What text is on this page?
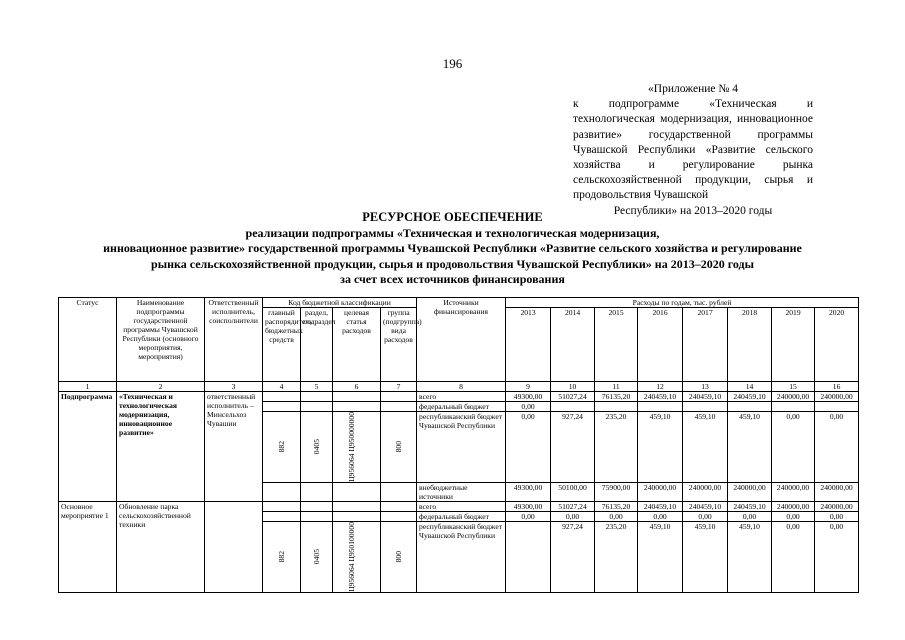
196
«Приложение № 4
к подпрограмме «Техническая и технологическая модернизация, инновационное развитие» государственной программы Чувашской Республики «Развитие сельского хозяйства и регулирование рынка сельскохозяйственной продукции, сырья и продовольствия Чувашской
Республики» на 2013–2020 годы
РЕСУРСНОЕ ОБЕСПЕЧЕНИЕ
реализации подпрограммы «Техническая и технологическая модернизация,
инновационное развитие» государственной программы Чувашской Республики «Развитие сельского хозяйства и регулирование
рынка сельскохозяйственной продукции, сырья и продовольствия Чувашской Республики» на 2013–2020 годы
за счет всех источников финансирования
Статус	Наименование подпрограммы государственной программы Чувашской Республики (основного мероприятия, мероприятия)	Ответственный исполнитель, соисполнители	Код бюджетной классификации				Источники финансирования	Расходы по годам, тыс. рублей							
			главный распорядитель бюджетных средств	раздел, подраздел	целевая статья расходов	группа (подгруппа) вида расходов		2013	2014	2015	2016	2017	2018	2019	2020
1	2	3	4	5	6	7	8	9	10	11	12	13	14	15	16
Подпрограмма	«Техническая и технологическая модернизация, инновационное развитие»	ответственный исполнитель – Минсельхоз Чувашии					всего	49300,00	51027,24	76135,20	240459,10	240459,10	240459,10	240000,00	240000,00
							федеральный бюджет	0,00							

			882	0405	Ц956064 Ц950000000	800	республиканский бюджет Чувашской Республики	0,00	927,24	235,20	459,10	459,10	459,10	0,00	0,00
							внебюджетные источники	49300,00	50100,00	75900,00	240000,00	240000,00	240000,00	240000,00	240000,00
Основное мероприятие 1	Обновление парка сельскохозяйственной техники						всего	49300,00	51027,24	76135,20	240459,10	240459,10	240459,10	240000,00	240000,00
							федеральный бюджет	0,00	0,00	0,00	0,00	0,00	0,00	0,00	0,00

			882	0405	Ц956064 Ц950100000	800	республиканский бюджет Чувашской Республики		927,24	235,20	459,10	459,10	459,10	0,00	0,00
